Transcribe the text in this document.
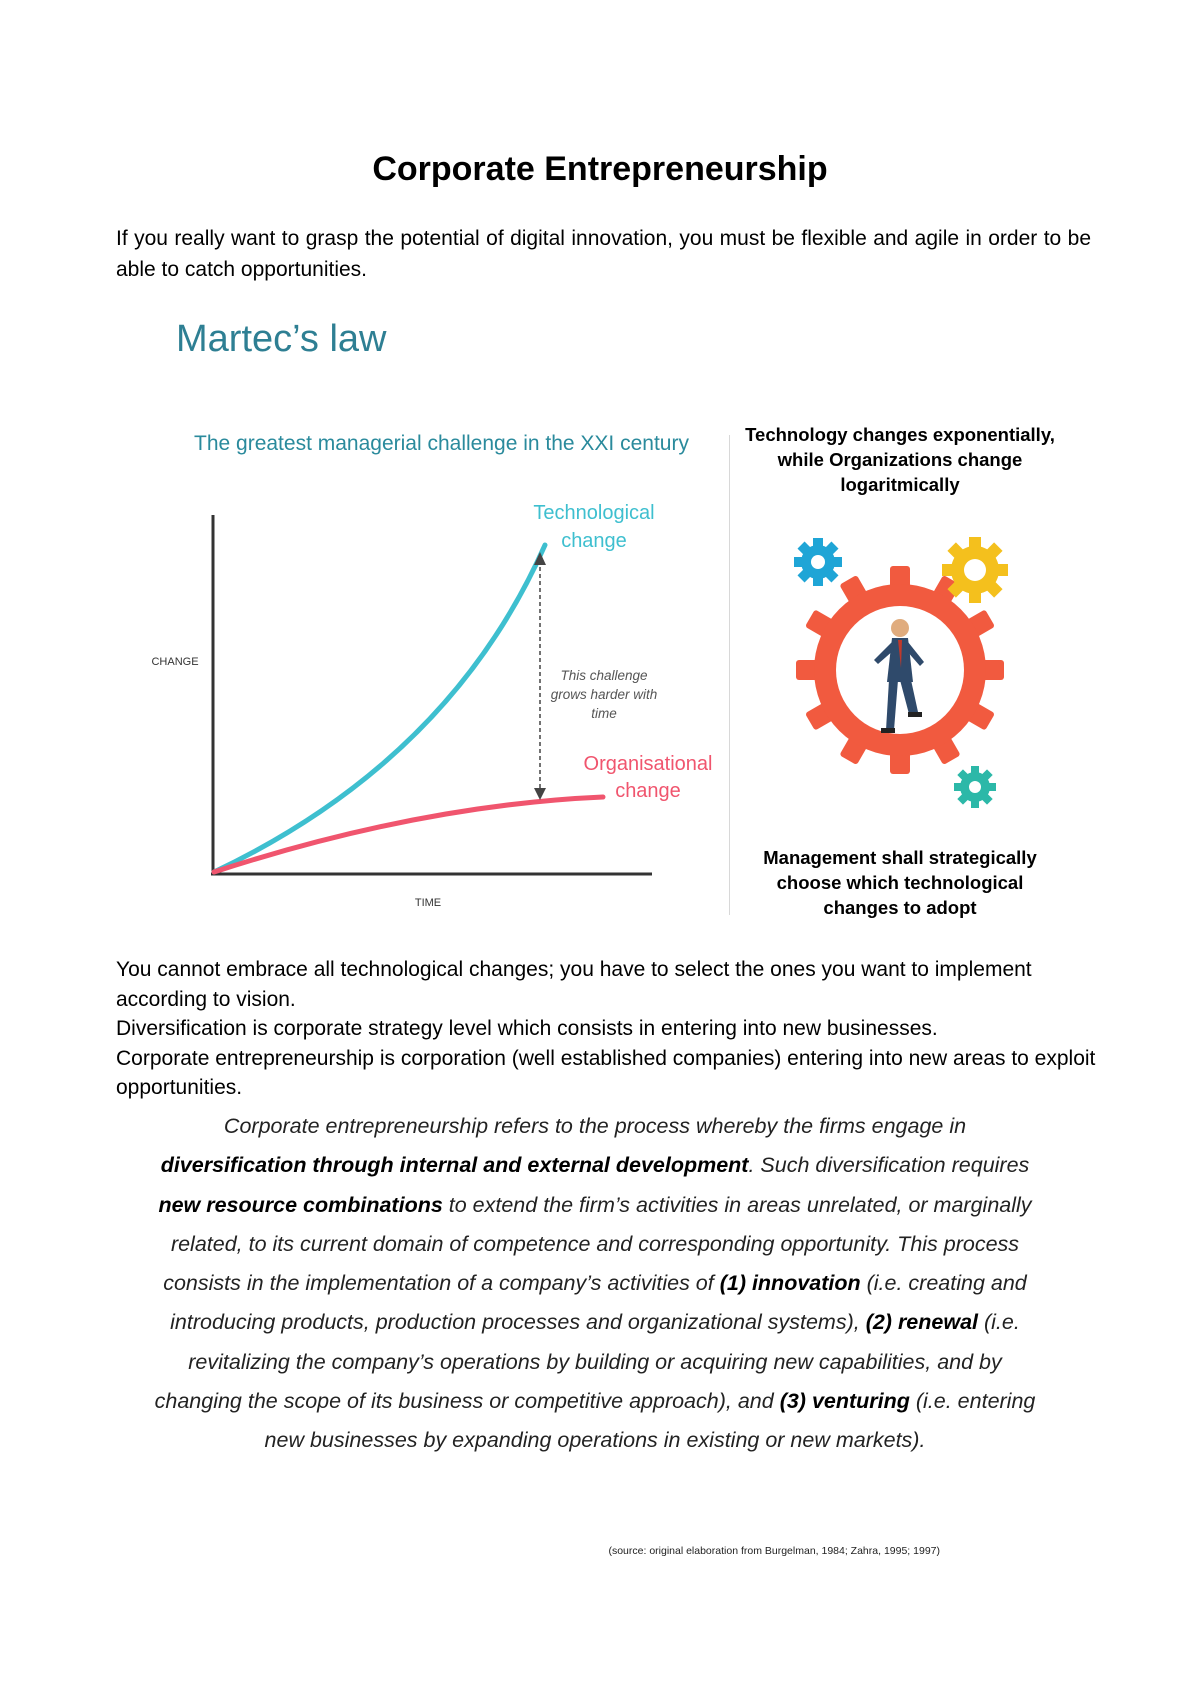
Corporate Entrepreneurship

If you really want to grasp the potential of digital innovation, you must be flexible and agile in order to be able to catch opportunities.

Martec’s law
The greatest managerial challenge in the XXI century
Technological
change
Organisational
change
This challenge
grows harder with
time
CHANGE
TIME
Technology changes exponentially,
while Organizations change
logaritmically
Management shall strategically
choose which technological
changes to adopt

You cannot embrace all technological changes; you have to select the ones you want to implement according to vision.

Diversification is corporate strategy level which consists in entering into new businesses.

Corporate entrepreneurship is corporation (well established companies) entering into new areas to exploit opportunities.

Corporate entrepreneurship refers to the process whereby the firms engage in diversification through internal and external development. Such diversification requires new resource combinations to extend the firm’s activities in areas unrelated, or marginally related, to its current domain of competence and corresponding opportunity. This process consists in the implementation of a company’s activities of (1) innovation (i.e. creating and introducing products, production processes and organizational systems), (2) renewal (i.e. revitalizing the company’s operations by building or acquiring new capabilities, and by changing the scope of its business or competitive approach), and (3) venturing (i.e. entering new businesses by expanding operations in existing or new markets).

(source: original elaboration from Burgelman, 1984; Zahra, 1995; 1997)
